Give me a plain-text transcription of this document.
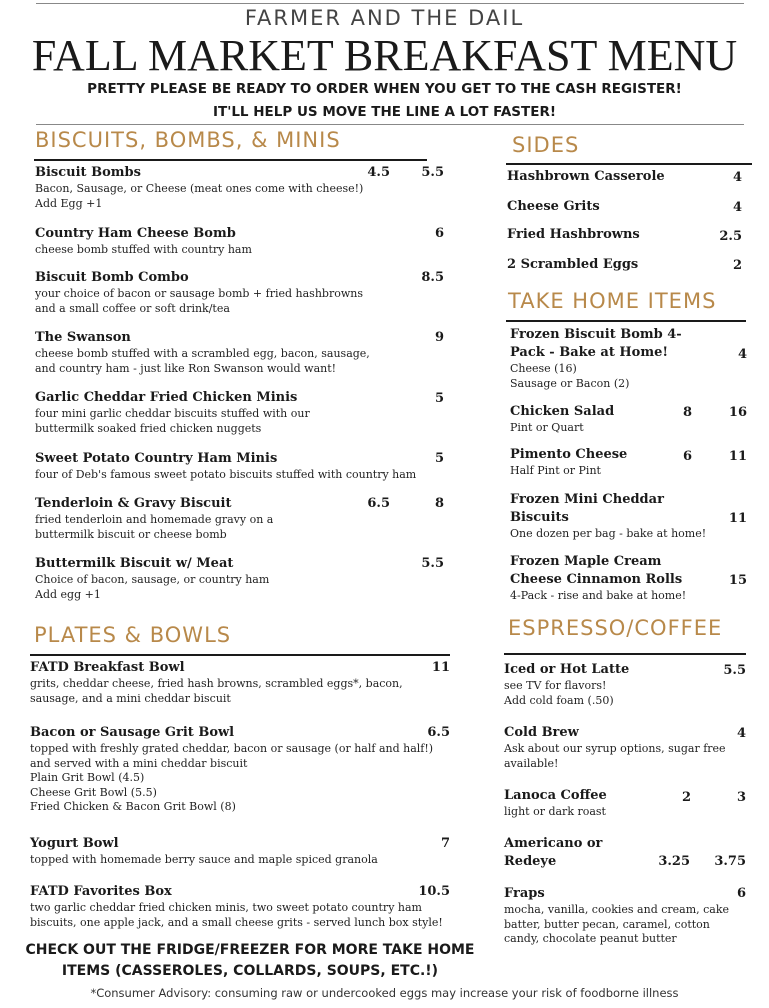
FARMER AND THE DAIL
FALL MARKET BREAKFAST MENU
PRETTY PLEASE BE READY TO ORDER WHEN YOU GET TO THE CASH REGISTER!
IT'LL HELP US MOVE THE LINE A LOT FASTER!
BISCUITS, BOMBS, & MINIS
Biscuit Bombs
Bacon, Sausage, or Cheese (meat ones come with cheese!)
Add Egg +1
4.5	5.5
Country Ham Cheese Bomb
cheese bomb stuffed with country ham
6
Biscuit Bomb Combo
your choice of bacon or sausage bomb + fried hashbrowns
and a small coffee or soft drink/tea
8.5
The Swanson
cheese bomb stuffed with a scrambled egg, bacon, sausage,
and country ham - just like Ron Swanson would want!
9
Garlic Cheddar Fried Chicken Minis
four mini garlic cheddar biscuits stuffed with our
buttermilk soaked fried chicken nuggets
5
Sweet Potato Country Ham Minis
four of Deb's famous sweet potato biscuits stuffed with country ham
5
Tenderloin & Gravy Biscuit
fried tenderloin and homemade gravy on a
buttermilk biscuit or cheese bomb
6.5	8
Buttermilk Biscuit w/ Meat
Choice of bacon, sausage, or country ham
Add egg +1
5.5
PLATES & BOWLS
FATD Breakfast Bowl
grits, cheddar cheese, fried hash browns, scrambled eggs*, bacon,
sausage, and a mini cheddar biscuit
11
Bacon or Sausage Grit Bowl
topped with freshly grated cheddar, bacon or sausage (or half and half!)
and served with a mini cheddar biscuit
Plain Grit Bowl (4.5)
Cheese Grit Bowl (5.5)
Fried Chicken & Bacon Grit Bowl (8)
6.5
Yogurt Bowl
topped with homemade berry sauce and maple spiced granola
7
FATD Favorites Box
two garlic cheddar fried chicken minis, two sweet potato country ham
biscuits, one apple jack, and a small cheese grits - served lunch box style!
10.5
SIDES
Hashbrown Casserole	4
Cheese Grits	4
Fried Hashbrowns	2.5
2 Scrambled Eggs	2
TAKE HOME ITEMS
Frozen Biscuit Bomb 4-
Pack - Bake at Home!
Cheese (16)
Sausage or Bacon (2)
4
Chicken Salad
Pint or Quart
8	16
Pimento Cheese
Half Pint or Pint
6	11
Frozen Mini Cheddar
Biscuits
One dozen per bag - bake at home!
11
Frozen Maple Cream
Cheese Cinnamon Rolls
4-Pack - rise and bake at home!
15
ESPRESSO/COFFEE
Iced or Hot Latte
see TV for flavors!
Add cold foam (.50)
5.5
Cold Brew
Ask about our syrup options, sugar free
available!
4
Lanoca Coffee
light or dark roast
2	3
Americano or
Redeye	3.25	3.75
Fraps
mocha, vanilla, cookies and cream, cake
batter, butter pecan, caramel, cotton
candy, chocolate peanut butter
6
CHECK OUT THE FRIDGE/FREEZER FOR MORE TAKE HOME
ITEMS (CASSEROLES, COLLARDS, SOUPS, ETC.!)
*Consumer Advisory: consuming raw or undercooked eggs may increase your risk of foodborne illness
